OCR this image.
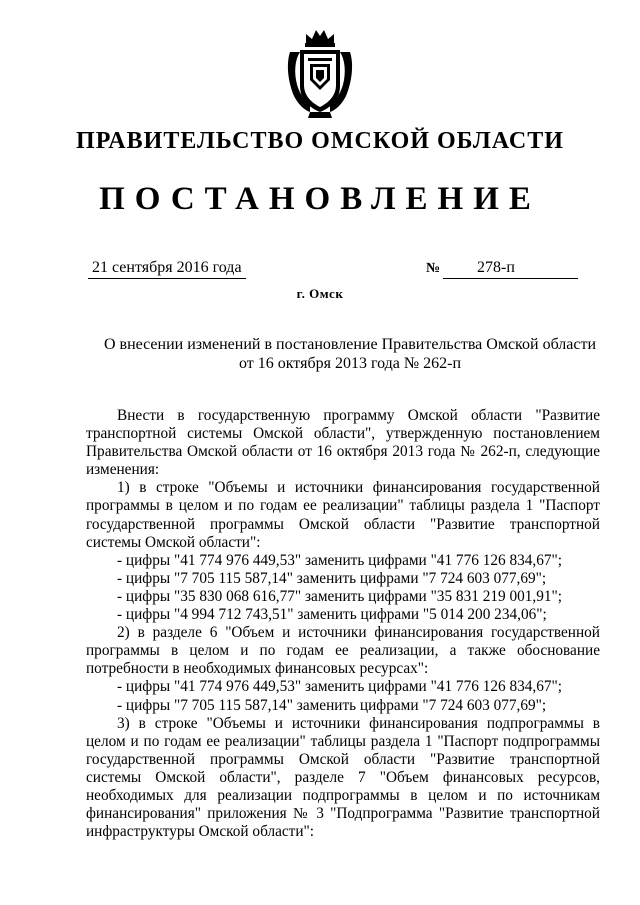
ПРАВИТЕЛЬСТВО ОМСКОЙ ОБЛАСТИ
ПОСТАНОВЛЕНИЕ
21 сентября 2016 года	№	278-п
г. Омск
О внесении изменений в постановление Правительства Омской области
от 16 октября 2013 года № 262-п

Внести в государственную программу Омской области "Развитие транспортной системы Омской области", утвержденную постановлением Правительства Омской области от 16 октября 2013 года № 262-п, следующие изменения:

1) в строке "Объемы и источники финансирования государственной программы в целом и по годам ее реализации" таблицы раздела 1 "Паспорт государственной программы Омской области "Развитие транспортной системы Омской области":

- цифры "41 774 976 449,53" заменить цифрами "41 776 126 834,67";

- цифры "7 705 115 587,14" заменить цифрами "7 724 603 077,69";

- цифры "35 830 068 616,77" заменить цифрами "35 831 219 001,91";

- цифры "4 994 712 743,51" заменить цифрами "5 014 200 234,06";

2) в разделе 6 "Объем и источники финансирования государственной программы в целом и по годам ее реализации, а также обоснование потребности в необходимых финансовых ресурсах":

- цифры "41 774 976 449,53" заменить цифрами "41 776 126 834,67";

- цифры "7 705 115 587,14" заменить цифрами "7 724 603 077,69";

3) в строке "Объемы и источники финансирования подпрограммы в целом и по годам ее реализации" таблицы раздела 1 "Паспорт подпрограммы государственной программы Омской области "Развитие транспортной системы Омской области", разделе 7 "Объем финансовых ресурсов, необходимых для реализации подпрограммы в целом и по источникам финансирования" приложения № 3 "Подпрограмма "Развитие транспортной инфраструктуры Омской области":
